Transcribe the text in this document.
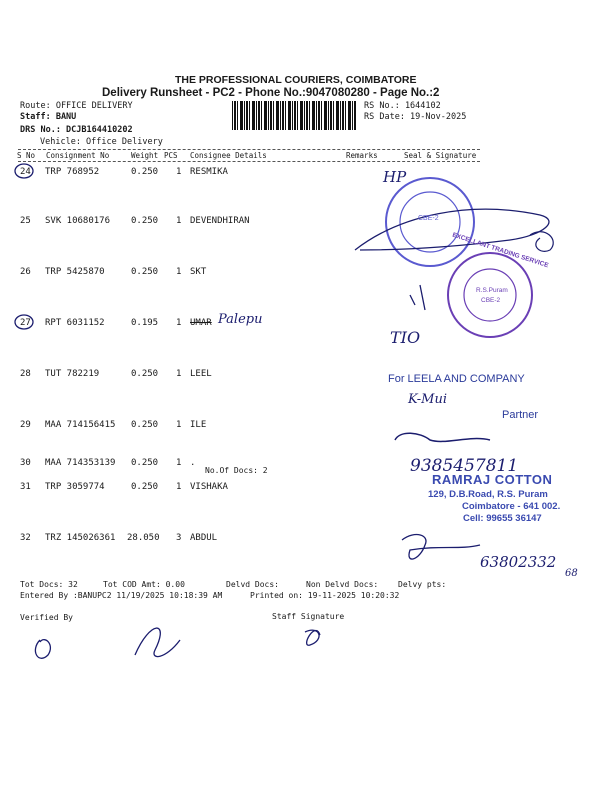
THE PROFESSIONAL COURIERS, COIMBATORE
Delivery Runsheet - PC2 - Phone No.:9047080280 - Page No.:2
Route: OFFICE DELIVERY
Staff: BANU
DRS No.: DCJB164410202
Vehicle: Office Delivery
RS No.: 1644102
RS Date: 19-Nov-2025
S No Consignment No	Weight PCS Consignee Details	Remarks	Seal & Signature
24 TRP 768952	0.250 1 RESMIKA
25 SVK 10680176 0.250 1 DEVENDHIRAN
26 TRP 5425870	0.250 1 SKT
27 RPT 6031152	0.195 1 UMAR
28 TUT 782219	0.250 1 LEEL
29 MAA 714156415 0.250 1 ILE
30 MAA 714353139 0.250 1 .
No.Of Docs: 2
31 TRP 3059774	0.250 1 VISHAKA
32 TRZ 145026361 28.050 3 ABDUL
Palepu
HP
TIO
9385457811
63802332
68
K-Mui
For LEELA AND COMPANY
Partner
RAMRAJ COTTON
129, D.B.Road, R.S. Puram
Coimbatore - 641 002.
Cell: 99655 36147
EXCELLANT TRADING SERVICE
R.S.Puram
CBE-2
CBE-2
Tot Docs: 32	Tot COD Amt: 0.00	Delvd Docs:	Non Delvd Docs: Delvy pts:
Entered By :BANUPC2 11/19/2025 10:18:39 AM	Printed on: 19-11-2025 10:20:32
Verified By	Staff Signature
